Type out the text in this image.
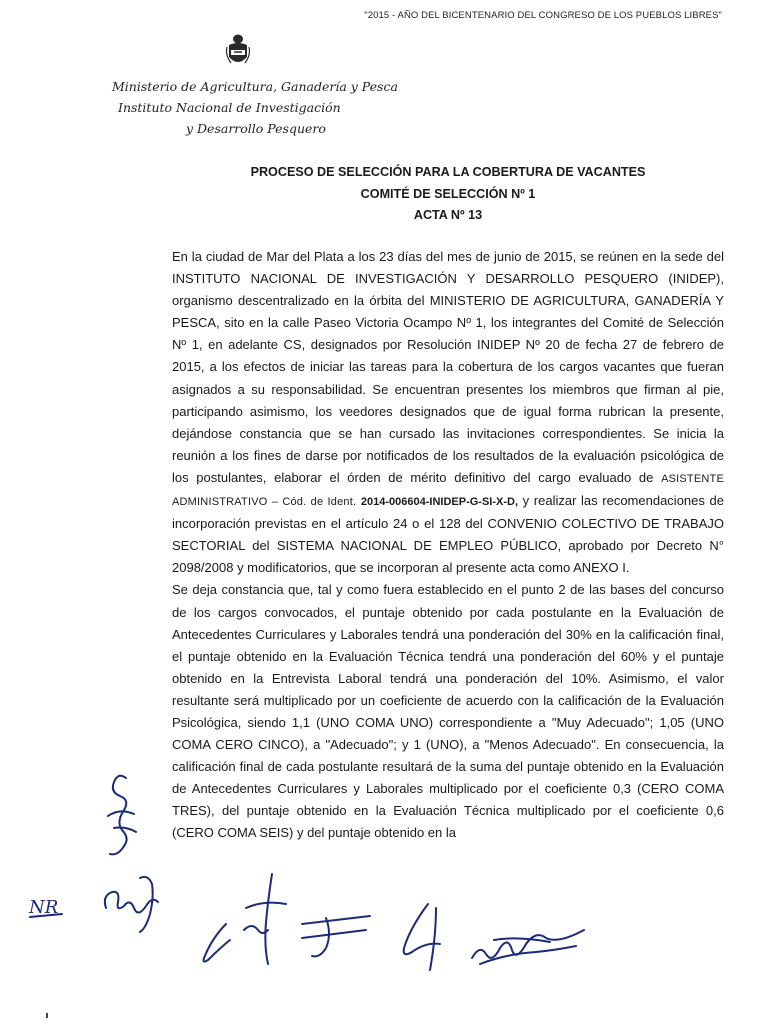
"2015 - AÑO DEL BICENTENARIO DEL CONGRESO DE LOS PUEBLOS LIBRES"
Ministerio de Agricultura, Ganadería y Pesca
Instituto Nacional de Investigación
y Desarrollo Pesquero
PROCESO DE SELECCIÓN PARA LA COBERTURA DE VACANTES
COMITÉ DE SELECCIÓN Nº 1
ACTA Nº 13

En la ciudad de Mar del Plata a los 23 días del mes de junio de 2015, se reúnen en la sede del INSTITUTO NACIONAL DE INVESTIGACIÓN Y DESARROLLO PESQUERO (INIDEP), organismo descentralizado en la órbita del MINISTERIO DE AGRICULTURA, GANADERÍA Y PESCA, sito en la calle Paseo Victoria Ocampo Nº 1, los integrantes del Comité de Selección Nº 1, en adelante CS, designados por Resolución INIDEP Nº 20 de fecha 27 de febrero de 2015, a los efectos de iniciar las tareas para la cobertura de los cargos vacantes que fueran asignados a su responsabilidad. Se encuentran presentes los miembros que firman al pie, participando asimismo, los veedores designados que de igual forma rubrican la presente, dejándose constancia que se han cursado las invitaciones correspondientes. Se inicia la reunión a los fines de darse por notificados de los resultados de la evaluación psicológica de los postulantes, elaborar el órden de mérito definitivo del cargo evaluado de ASISTENTE ADMINISTRATIVO – Cód. de Ident. 2014-006604-INIDEP-G-SI-X-D, y realizar las recomendaciones de incorporación previstas en el artículo 24 o el 128 del CONVENIO COLECTIVO DE TRABAJO SECTORIAL del SISTEMA NACIONAL DE EMPLEO PÚBLICO, aprobado por Decreto N° 2098/2008 y modificatorios, que se incorporan al presente acta como ANEXO I.

Se deja constancia que, tal y como fuera establecido en el punto 2 de las bases del concurso de los cargos convocados, el puntaje obtenido por cada postulante en la Evaluación de Antecedentes Curriculares y Laborales tendrá una ponderación del 30% en la calificación final, el puntaje obtenido en la Evaluación Técnica tendrá una ponderación del 60% y el puntaje obtenido en la Entrevista Laboral tendrá una ponderación del 10%. Asimismo, el valor resultante será multiplicado por un coeficiente de acuerdo con la calificación de la Evaluación Psicológica, siendo 1,1 (UNO COMA UNO) correspondiente a "Muy Adecuado"; 1,05 (UNO COMA CERO CINCO), a "Adecuado"; y 1 (UNO), a "Menos Adecuado". En consecuencia, la calificación final de cada postulante resultará de la suma del puntaje obtenido en la Evaluación de Antecedentes Curriculares y Laborales multiplicado por el coeficiente 0,3 (CERO COMA TRES), del puntaje obtenido en la Evaluación Técnica multiplicado por el coeficiente 0,6 (CERO COMA SEIS) y del puntaje obtenido en la

NR
